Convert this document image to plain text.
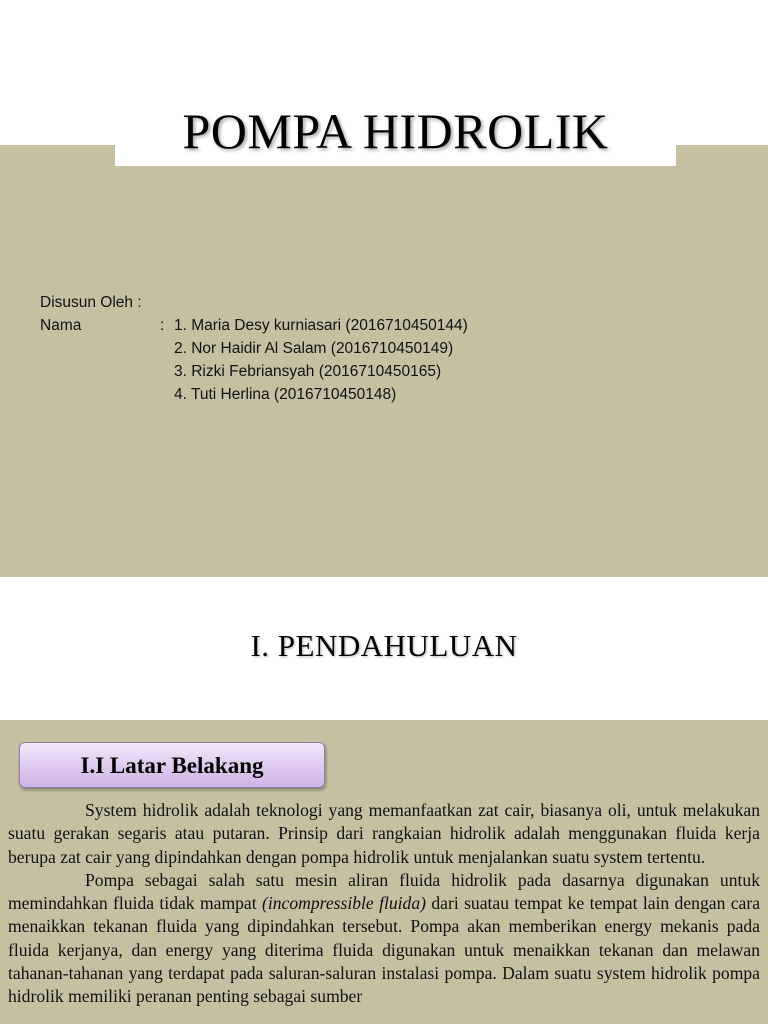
POMPA HIDROLIK
Disusun Oleh :
Nama	: 1. Maria Desy kurniasari (2016710450144)
2. Nor Haidir Al Salam (2016710450149)
3. Rizki Febriansyah (2016710450165)
4. Tuti Herlina (2016710450148)
I. PENDAHULUAN
I.I Latar Belakang

System hidrolik adalah teknologi yang memanfaatkan zat cair, biasanya oli, untuk melakukan suatu gerakan segaris atau putaran. Prinsip dari rangkaian hidrolik adalah menggunakan fluida kerja berupa zat cair yang dipindahkan dengan pompa hidrolik untuk menjalankan suatu system tertentu.

Pompa sebagai salah satu mesin aliran fluida hidrolik pada dasarnya digunakan untuk memindahkan fluida tidak mampat (incompressible fluida) dari suatau tempat ke tempat lain dengan cara menaikkan tekanan fluida yang dipindahkan tersebut. Pompa akan memberikan energy mekanis pada fluida kerjanya, dan energy yang diterima fluida digunakan untuk menaikkan tekanan dan melawan tahanan-tahanan yang terdapat pada saluran-saluran instalasi pompa. Dalam suatu system hidrolik pompa hidrolik memiliki peranan penting sebagai sumber
